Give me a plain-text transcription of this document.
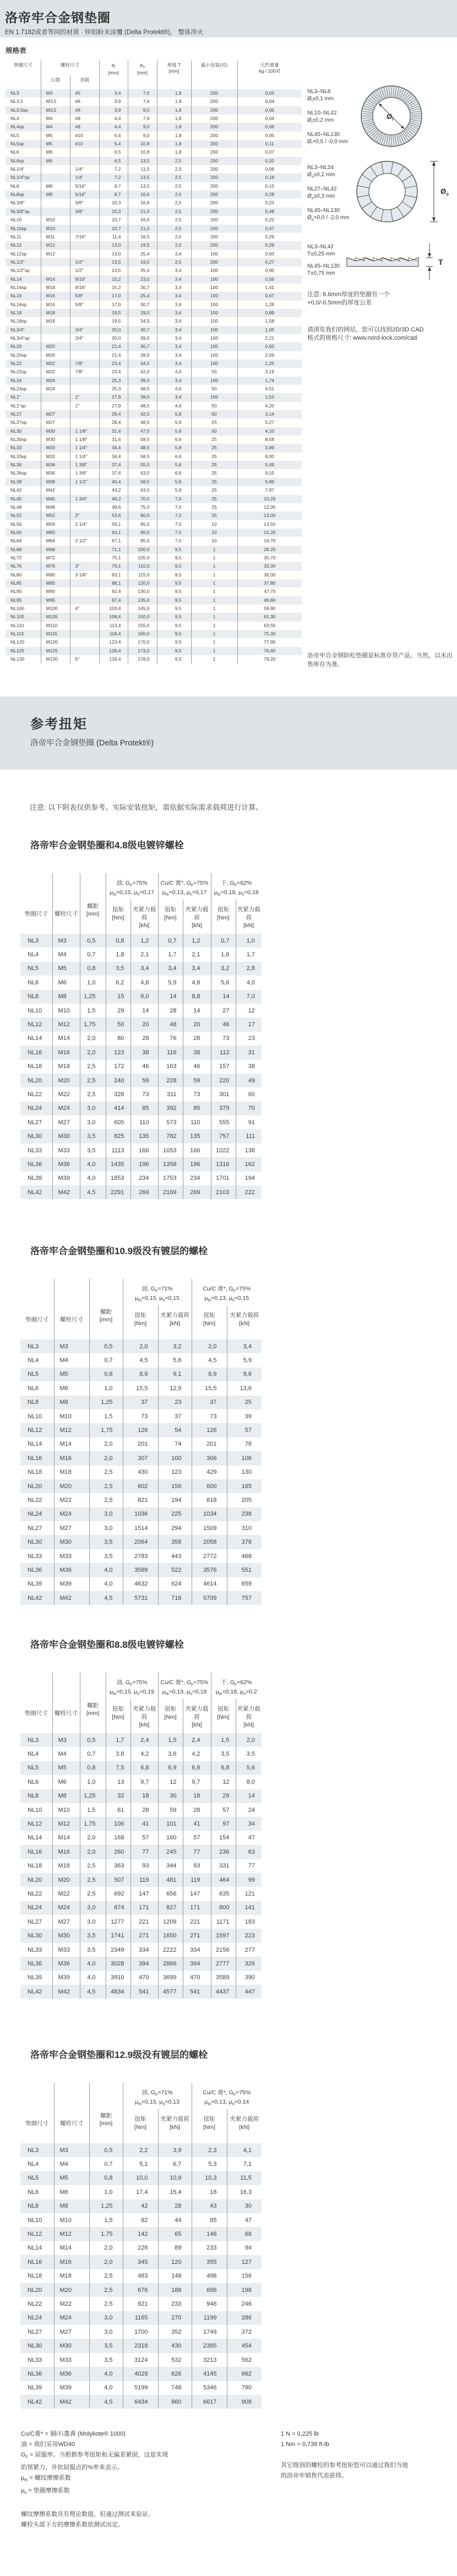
洛帝牢合金钢垫圈
EN 1.7182或者等同的材质 · 锌铝粉末涂覆 (Delta Protekt®)， 整体淬火
规格表
垫圈尺寸	螺栓尺寸		$ø_i$
[mm]	$ø_o$
[mm]	厚度 T
[mm]	最小包装(对)	大约重量
kg / 100对
	公制	美制					
NL3	M3	#5	3,4	7,0	1,8	200	0,03
NL3,5	M3,5	#6	3,9	7,6	1,8	200	0,04
NL3,5sp	M3,5	#6	3,9	9,0	1,8	200	0,06
NL4	M4	#8	4,4	7,6	1,8	200	0,04
NL4sp	M4	#8	4,4	9,0	1,8	200	0,06
NL5	M5	#10	5,4	9,0	1,8	200	0,05
NL5sp	M5	#10	5,4	10,8	1,8	200	0,11
NL6	M6		6,5	10,8	1,8	200	0,07
NL6sp	M6		6,5	13,5	2,5	200	0,20
NL1/4"		1/4"	7,2	11,5	2,5	200	0,08
NL1/4"sp		1/4"	7,2	13,5	2,5	200	0,18
NL8	M8	5/16"	8,7	13,5	2,5	200	0,15
NL8sp	M8	5/16"	8,7	16,6	2,5	200	0,28
NL3/8"		3/8"	10,3	16,6	2,5	200	0,23
NL3/8"sp		3/8"	10,3	21,0	2,5	200	0,48
NL10	M10		10,7	16,6	2,5	200	0,22
NL10sp	M10		10,7	21,0	2,5	200	0,47
NL11	M11	7/16"	11,4	18,5	2,5	200	0,29
NL12	M12		13,0	19,5	2,5	200	0,29
NL12sp	M12		13,0	25,4	3,4	100	0,93
NL1/2"		1/2"	13,5	19,5	2,5	200	0,27
NL1/2"sp		1/2"	13,5	25,4	3,4	100	0,90
NL14	M14	9/16"	15,2	23,0	3,4	100	0,56
NL14sp	M14	9/16"	15,2	30,7	3,4	100	1,41
NL16	M16	5/8"	17,0	25,4	3,4	100	0,67
NL16sp	M16	5/8"	17,0	30,7	3,4	100	1,28
NL18	M18		19,5	29,0	3,4	100	0,89
NL18sp	M18		19,5	34,5	3,4	100	1,58
NL3/4"		3/4"	20,0	30,7	3,4	100	1,05
NL3/4"sp		3/4"	20,0	39,0	3,4	100	2,21
NL20	M20		21,4	30,7	3,4	100	0,93
NL20sp	M20		21,4	39,0	3,4	100	2,09
NL22	M22	7/8"	23,4	34,5	3,4	100	1,25
NL22sp	M22	7/8"	23,4	42,0	4,6	50	3,19
NL24	M24		25,3	39,0	3,4	100	1,74
NL24sp	M24		25,3	48,5	4,6	50	4,51
NL1"		1"	27,9	39,0	3,4	100	1,53
NL1"sp		1"	27,9	48,5	4,6	50	4,20
NL27	M27		28,4	42,0	5,8	50	3,14
NL27sp	M27		28,4	48,5	5,8	25	5,27
NL30	M30	1 1/8"	31,4	47,0	5,8	50	4,10
NL30sp	M30	1 1/8"	31,4	58,5	6,6	25	8,58
NL33	M33	1 1/4"	34,4	48,5	5,8	25	3,89
NL33sp	M33	1 1/4"	34,4	58,5	6,6	25	8,00
NL36	M36	1 3/8"	37,4	55,0	5,8	25	5,49
NL36sp	M36	1 3/8"	37,4	63,0	6,6	25	9,15
NL39	M39	1 1/2"	40,4	58,5	5,8	25	5,89
NL42	M42		43,2	63,0	5,8	25	7,97
NL45	M45	1 3/4"	46,2	70,0	7,0	25	10,20
NL48	M48		49,6	75,0	7,0	25	12,00
NL52	M52	2"	53,6	80,0	7,0	25	13,00
NL56	M56	2 1/4"	59,1	85,0	7,0	10	13,50
NL60	M60		63,1	90,0	7,0	10	15,20
NL64	M64	2 1/2"	67,1	95,0	7,0	10	16,70
NL68	M68		71,1	100,0	9,5	1	28,20
NL72	M72		75,1	105,0	9,5	1	30,70
NL76	M76	3"	79,1	110,0	9,5	1	33,30
NL80	M80	3 1/8"	83,1	115,0	9,5	1	36,00
NL85	M85		88,1	120,0	9,5	1	37,80
NL90	M90		92,4	130,0	9,5	1	47,70
NL95	M95		97,4	135,0	9,5	1	49,80
NL100	M100	4"	103,4	145,0	9,5	1	58,90
NL105	M105		108,4	150,0	9,5	1	61,30
NL110	M110		113,4	155,0	9,5	1	63,50
NL115	M115		118,4	165,0	9,5	1	75,30
NL120	M120		123,4	170,0	9,5	1	77,90
NL125	M125		128,4	173,0	9,5	1	76,60
NL130	M130	5"	133,4	178,0	9,5	1	79,20
NL3–NL8
$Ø_i\pm 0,1$ mm
NL10–NL42
$Ø_i\pm 0,2$ mm
NL45–NL130
$Ø_i+0,5 / -0,0$ mm
$Ø_i$
NL3–NL24
$Ø_o\pm 0,2$ mm
NL27–NL42
$Ø_o\pm 0,3$ mm
NL45–NL130
$Ø_o+0,0 / -2,0$ mm
$Ø_o$
NL3–NL42
T±0,25 mm
NL45–NL130
T±0,75 mm
T
注意: 6.6mm厚度的垫圈有一个
+0,0/-0.5mm的厚度公差
请浏览我们的网站，您可以找到2D/3D CAD
格式的规格尺寸: www.nord-lock.com/cad
洛帝牢合金钢防松垫圈是标准存货产品，当然，以未出售库存为准。
参考扭矩
洛帝牢合金钢垫圈 (Delta Protekt®)
注意: 以下附表仅供参考。实际安装扭矩，需依据实际需求载荷进行计算。
洛帝牢合金钢垫圈和4.8级电镀锌螺栓
垫圈尺寸	螺栓尺寸	螺距
[mm]	油, $G_F=75\%$
$\mu_{th}=0,15$, $\mu_h=0,17$		Cu/C 膏*, $G_F=75\%$
$\mu_{th}=0,13$, $\mu_h=0,17$		干, $G_F=62\%$
$\mu_{th}=0,18$, $\mu_h=0,18$	
			扭矩
[Nm]	夹紧力载荷
[kN]	扭矩
[Nm]	夹紧力载荷
[kN]	扭矩
[Nm]	夹紧力载荷
[kN]
NL3	M3	0,5	0,8	1,2	0,7	1,2	0,7	1,0
NL4	M4	0,7	1,8	2,1	1,7	2,1	1,6	1,7
NL5	M5	0,8	3,5	3,4	3,4	3,4	3,2	2,8
NL6	M6	1,0	6,2	4,8	5,9	4,8	5,6	4,0
NL8	M8	1,25	15	9,0	14	8,8	14	7,0
NL10	M10	1,5	29	14	28	14	27	12
NL12	M12	1,75	50	20	48	20	46	17
NL14	M14	2,0	80	28	76	28	73	23
NL16	M16	2,0	123	38	116	38	112	31
NL18	M18	2,5	172	46	163	46	157	38
NL20	M20	2,5	240	59	228	59	220	49
NL22	M22	2,5	328	73	311	73	301	60
NL24	M24	3,0	414	85	392	85	379	70
NL27	M27	3,0	605	110	573	110	555	91
NL30	M30	3,5	825	135	782	135	757	111
NL33	M33	3,5	1113	166	1053	166	1022	138
NL36	M36	4,0	1435	196	1358	196	1316	162
NL39	M39	4,0	1853	234	1753	234	1701	194
NL42	M42	4,5	2291	269	2169	269	2103	222
洛帝牢合金钢垫圈和10.9级没有镀层的螺栓
垫圈尺寸	螺栓尺寸	螺距
[mm]	油, $G_F=71\%$
$\mu_{th}=0,15$, $\mu_h=0,15$		Cu/C 膏*, $G_F=75\%$
$\mu_{th}=0,13$, $\mu_h=0,15$	
			扭矩
[Nm]	夹紧力载荷
[kN]	扭矩
[Nm]	夹紧力载荷
[kN]
NL3	M3	0,5	2,0	3,2	2,0	3,4
NL4	M4	0,7	4,5	5,6	4,5	5,9
NL5	M5	0,8	8,9	9,1	8,9	9,6
NL6	M6	1,0	15,5	12,9	15,5	13,6
NL8	M8	1,25	37	23	37	25
NL10	M10	1,5	73	37	73	39
NL12	M12	1,75	126	54	126	57
NL14	M14	2,0	201	74	201	78
NL16	M16	2,0	307	100	306	106
NL18	M18	2,5	430	123	429	130
NL20	M20	2,5	602	156	600	165
NL22	M22	2,5	821	194	818	205
NL24	M24	3,0	1036	225	1034	238
NL27	M27	3,0	1514	294	1509	310
NL30	M30	3,5	2064	358	2058	378
NL33	M33	3,5	2783	443	2772	468
NL36	M36	4,0	3589	522	3576	551
NL39	M39	4,0	4632	624	4614	659
NL42	M42	4,5	5731	716	5709	757
洛帝牢合金钢垫圈和8.8级电镀锌螺栓
垫圈尺寸	螺栓尺寸	螺距
[mm]	油, $G_F=75\%$
$\mu_{th}=0,15$, $\mu_h=0,19$		Cu/C 膏*, $G_F=75\%$
$\mu_{th}=0,13$, $\mu_h=0,18$		干, $G_F=62\%$
$\mu_{th}=0,18$, $\mu_h=0,2$	
			扭矩
[Nm]	夹紧力载荷
[kN]	扭矩
[Nm]	夹紧力载荷
[kN]	扭矩
[Nm]	夹紧力载荷
[kN]
NL3	M3	0,5	1,7	2,4	1,5	2,4	1,5	2,0
NL4	M4	0,7	3,8	4,2	3,6	4,2	3,5	3,5
NL5	M5	0,8	7,5	6,8	6,9	6,8	6,8	5,6
NL6	M6	1,0	13	9,7	12	9,7	12	8,0
NL8	M8	1,25	32	18	30	18	29	14
NL10	M10	1,5	61	28	59	28	57	24
NL12	M12	1,75	106	41	101	41	97	34
NL14	M14	2,0	168	57	160	57	154	47
NL16	M16	2,0	260	77	245	77	236	63
NL18	M18	2,5	363	93	344	93	331	77
NL20	M20	2,5	507	119	481	119	464	99
NL22	M22	2,5	692	147	656	147	635	121
NL24	M24	3,0	874	171	827	171	800	141
NL27	M27	3,0	1277	221	1209	221	1171	183
NL30	M30	3,5	1741	271	1650	271	1597	223
NL33	M33	3,5	2349	334	2222	334	2156	277
NL36	M36	4,0	3028	394	2866	394	2777	326
NL39	M39	4,0	3910	470	3699	470	3589	390
NL42	M42	4,5	4834	541	4577	541	4437	447
洛帝牢合金钢垫圈和12.9级没有镀层的螺栓
垫圈尺寸	螺栓尺寸	螺距
[mm]	油, $G_F=71\%$
$\mu_{th}=0,15$, $\mu_h=0,13$		Cu/C 膏*, $G_F=75\%$
$\mu_{th}=0,13$, $\mu_h=0,14$	
			扭矩
[Nm]	夹紧力载荷
[kN]	扭矩
[Nm]	夹紧力载荷
[kN]
NL3	M3	0,5	2,2	3,9	2,3	4,1
NL4	M4	0,7	5,1	6,7	5,3	7,1
NL5	M5	0,8	10,0	10,9	10,3	11,5
NL6	M6	1,0	17,4	15,4	18	16,3
NL8	M8	1,25	42	28	43	30
NL10	M10	1,5	82	44	85	47
NL12	M12	1,75	142	65	146	68
NL14	M14	2,0	226	89	233	94
NL16	M16	2,0	345	120	355	127
NL18	M18	2,5	483	148	498	156
NL20	M20	2,5	676	188	696	198
NL22	M22	2,5	921	233	948	246
NL24	M24	3,0	1165	270	1199	286
NL27	M27	3,0	1700	352	1749	372
NL30	M30	3,5	2318	430	2385	454
NL33	M33	3,5	3124	532	3213	562
NL36	M36	4,0	4029	626	4145	662
NL39	M39	4,0	5199	748	5346	790
NL42	M42	4,5	6434	860	6617	908
Cu/C膏* = 铜/石墨膏 (Molykote® 1000)
油 = 我们采用WD40
$G_F$ = 屈服率。当根据参考扭矩和无偏差紧固，这是实现
的预紧力，并依屈服点的%率来表示。
$\mu_{th}$ = 螺纹摩擦系数
$\mu_h$ = 垫圈摩擦系数
螺纹摩擦系数具有理论数值，但通过测试来验证。
螺栓头部下方的摩擦系数依测试而定。
1 N = 0,225 lb
1 Nm = 0,738 ft-lb
其它级别的螺栓的参考扭矩您可以通过我们当地
的洛帝牢销售代表获得。
